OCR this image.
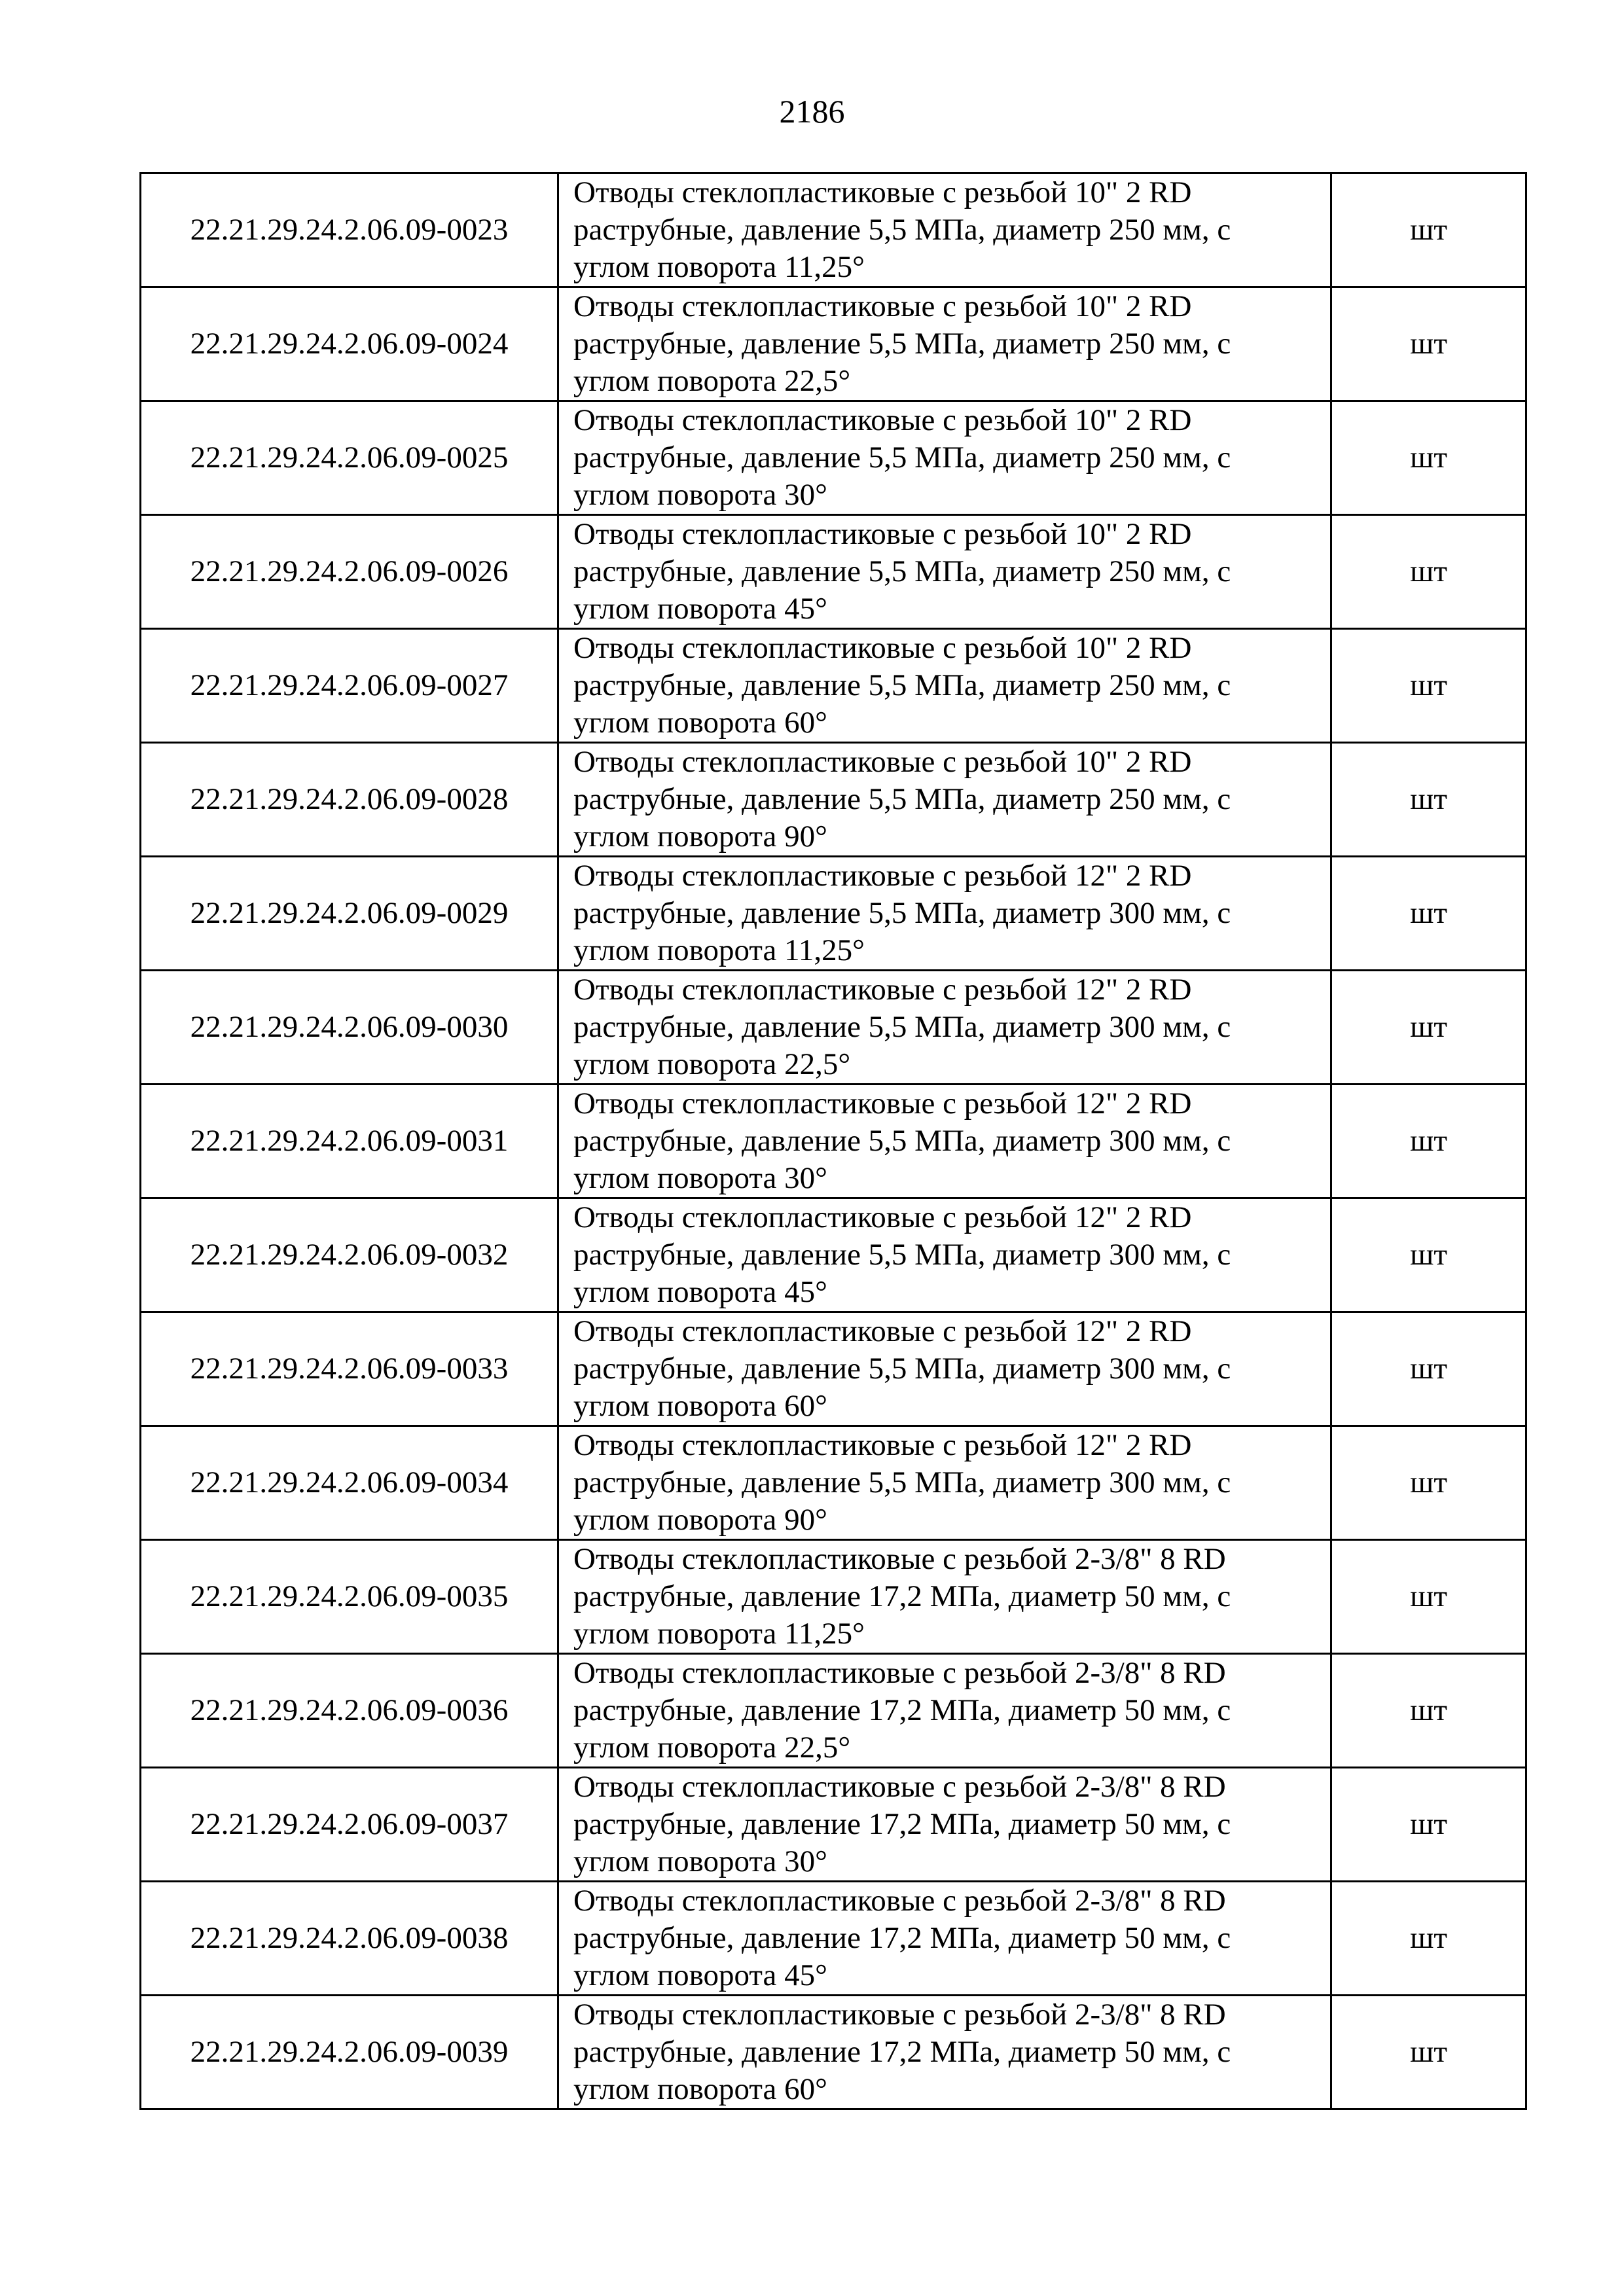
2186
22.21.29.24.2.06.09-0023	Отводы стеклопластиковые с резьбой 10" 2 RD
раструбные, давление 5,5 МПа, диаметр 250 мм, с
углом поворота 11,25°	шт
22.21.29.24.2.06.09-0024	Отводы стеклопластиковые с резьбой 10" 2 RD
раструбные, давление 5,5 МПа, диаметр 250 мм, с
углом поворота 22,5°	шт
22.21.29.24.2.06.09-0025	Отводы стеклопластиковые с резьбой 10" 2 RD
раструбные, давление 5,5 МПа, диаметр 250 мм, с
углом поворота 30°	шт
22.21.29.24.2.06.09-0026	Отводы стеклопластиковые с резьбой 10" 2 RD
раструбные, давление 5,5 МПа, диаметр 250 мм, с
углом поворота 45°	шт
22.21.29.24.2.06.09-0027	Отводы стеклопластиковые с резьбой 10" 2 RD
раструбные, давление 5,5 МПа, диаметр 250 мм, с
углом поворота 60°	шт
22.21.29.24.2.06.09-0028	Отводы стеклопластиковые с резьбой 10" 2 RD
раструбные, давление 5,5 МПа, диаметр 250 мм, с
углом поворота 90°	шт
22.21.29.24.2.06.09-0029	Отводы стеклопластиковые с резьбой 12" 2 RD
раструбные, давление 5,5 МПа, диаметр 300 мм, с
углом поворота 11,25°	шт
22.21.29.24.2.06.09-0030	Отводы стеклопластиковые с резьбой 12" 2 RD
раструбные, давление 5,5 МПа, диаметр 300 мм, с
углом поворота 22,5°	шт
22.21.29.24.2.06.09-0031	Отводы стеклопластиковые с резьбой 12" 2 RD
раструбные, давление 5,5 МПа, диаметр 300 мм, с
углом поворота 30°	шт
22.21.29.24.2.06.09-0032	Отводы стеклопластиковые с резьбой 12" 2 RD
раструбные, давление 5,5 МПа, диаметр 300 мм, с
углом поворота 45°	шт
22.21.29.24.2.06.09-0033	Отводы стеклопластиковые с резьбой 12" 2 RD
раструбные, давление 5,5 МПа, диаметр 300 мм, с
углом поворота 60°	шт
22.21.29.24.2.06.09-0034	Отводы стеклопластиковые с резьбой 12" 2 RD
раструбные, давление 5,5 МПа, диаметр 300 мм, с
углом поворота 90°	шт
22.21.29.24.2.06.09-0035	Отводы стеклопластиковые с резьбой 2-3/8" 8 RD
раструбные, давление 17,2 МПа, диаметр 50 мм, с
углом поворота 11,25°	шт
22.21.29.24.2.06.09-0036	Отводы стеклопластиковые с резьбой 2-3/8" 8 RD
раструбные, давление 17,2 МПа, диаметр 50 мм, с
углом поворота 22,5°	шт
22.21.29.24.2.06.09-0037	Отводы стеклопластиковые с резьбой 2-3/8" 8 RD
раструбные, давление 17,2 МПа, диаметр 50 мм, с
углом поворота 30°	шт
22.21.29.24.2.06.09-0038	Отводы стеклопластиковые с резьбой 2-3/8" 8 RD
раструбные, давление 17,2 МПа, диаметр 50 мм, с
углом поворота 45°	шт
22.21.29.24.2.06.09-0039	Отводы стеклопластиковые с резьбой 2-3/8" 8 RD
раструбные, давление 17,2 МПа, диаметр 50 мм, с
углом поворота 60°	шт
